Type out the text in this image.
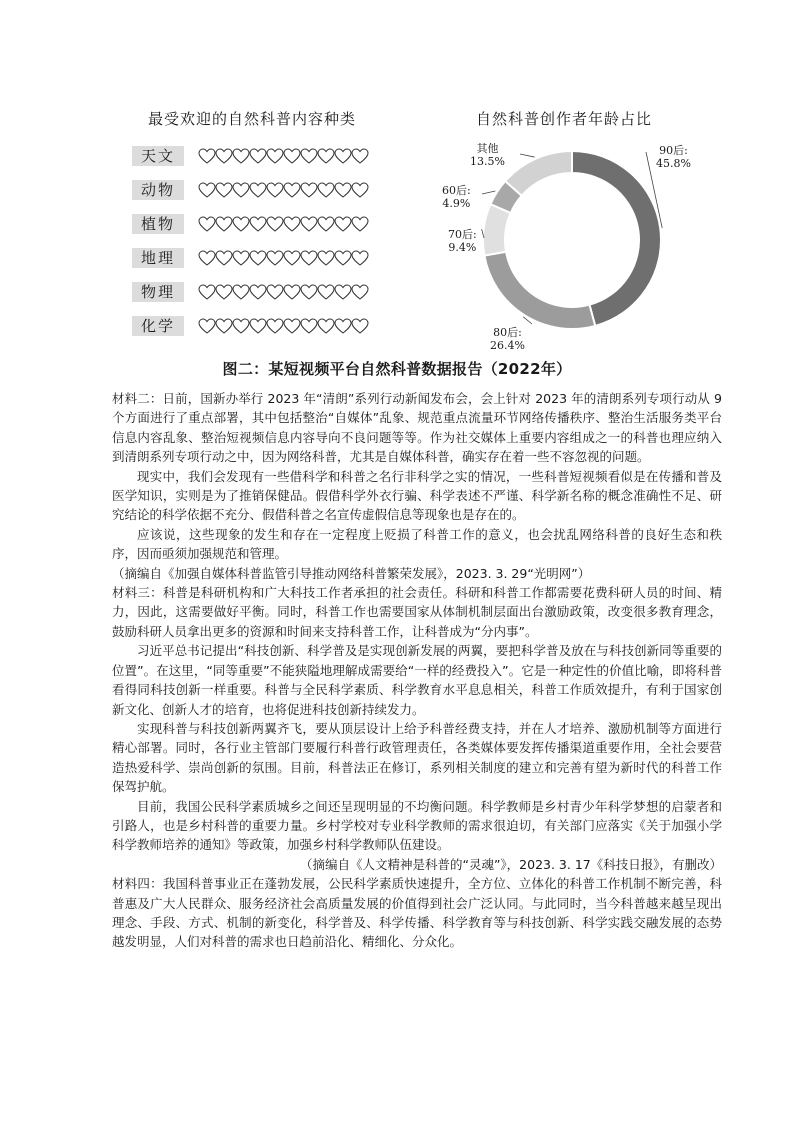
最受欢迎的自然科普内容种类
天文
动物
植物
地理
物理
化学
自然科普创作者年龄占比
90后:
45.8%
80后:
26.4%
70后:
9.4%
60后:
4.9%
其他
13.5%
图二：某短视频平台自然科普数据报告（2022年）

材料二：日前，国新办举行 2023 年“清朗”系列行动新闻发布会，会上针对 2023 年的清朗系列专项行动从 9 个方面进行了重点部署，其中包括整治“自媒体”乱象、规范重点流量环节网络传播秩序、整治生活服务类平台信息内容乱象、整治短视频信息内容导向不良问题等等。作为社交媒体上重要内容组成之一的科普也理应纳入到清朗系列专项行动之中，因为网络科普，尤其是自媒体科普，确实存在着一些不容忽视的问题。

现实中，我们会发现有一些借科学和科普之名行非科学之实的情况，一些科普短视频看似是在传播和普及医学知识，实则是为了推销保健品。假借科学外衣行骗、科学表述不严谨、科学新名称的概念准确性不足、研究结论的科学依据不充分、假借科普之名宣传虚假信息等现象也是存在的。

应该说，这些现象的发生和存在一定程度上贬损了科普工作的意义，也会扰乱网络科普的良好生态和秩序，因而亟须加强规范和管理。

（摘编自《加强自媒体科普监管引导推动网络科普繁荣发展》，2023. 3. 29“光明网”）

材料三：科普是科研机构和广大科技工作者承担的社会责任。科研和科普工作都需要花费科研人员的时间、精力，因此，这需要做好平衡。同时，科普工作也需要国家从体制机制层面出台激励政策，改变很多教育理念，鼓励科研人员拿出更多的资源和时间来支持科普工作，让科普成为“分内事”。

习近平总书记提出“科技创新、科学普及是实现创新发展的两翼，要把科学普及放在与科技创新同等重要的位置”。在这里，“同等重要”不能狭隘地理解成需要给“一样的经费投入”。它是一种定性的价值比喻，即将科普看得同科技创新一样重要。科普与全民科学素质、科学教育水平息息相关，科普工作质效提升，有利于国家创新文化、创新人才的培育，也将促进科技创新持续发力。

实现科普与科技创新两翼齐飞，要从顶层设计上给予科普经费支持，并在人才培养、激励机制等方面进行精心部署。同时，各行业主管部门要履行科普行政管理责任，各类媒体要发挥传播渠道重要作用，全社会要营造热爱科学、崇尚创新的氛围。目前，科普法正在修订，系列相关制度的建立和完善有望为新时代的科普工作保驾护航。

目前，我国公民科学素质城乡之间还呈现明显的不均衡问题。科学教师是乡村青少年科学梦想的启蒙者和引路人，也是乡村科普的重要力量。乡村学校对专业科学教师的需求很迫切，有关部门应落实《关于加强小学科学教师培养的通知》等政策，加强乡村科学教师队伍建设。

（摘编自《人文精神是科普的“灵魂”》，2023. 3. 17《科技日报》，有删改）

材料四：我国科普事业正在蓬勃发展，公民科学素质快速提升，全方位、立体化的科普工作机制不断完善，科普惠及广大人民群众、服务经济社会高质量发展的价值得到社会广泛认同。与此同时，当今科普越来越呈现出理念、手段、方式、机制的新变化，科学普及、科学传播、科学教育等与科技创新、科学实践交融发展的态势越发明显，人们对科普的需求也日趋前沿化、精细化、分众化。
